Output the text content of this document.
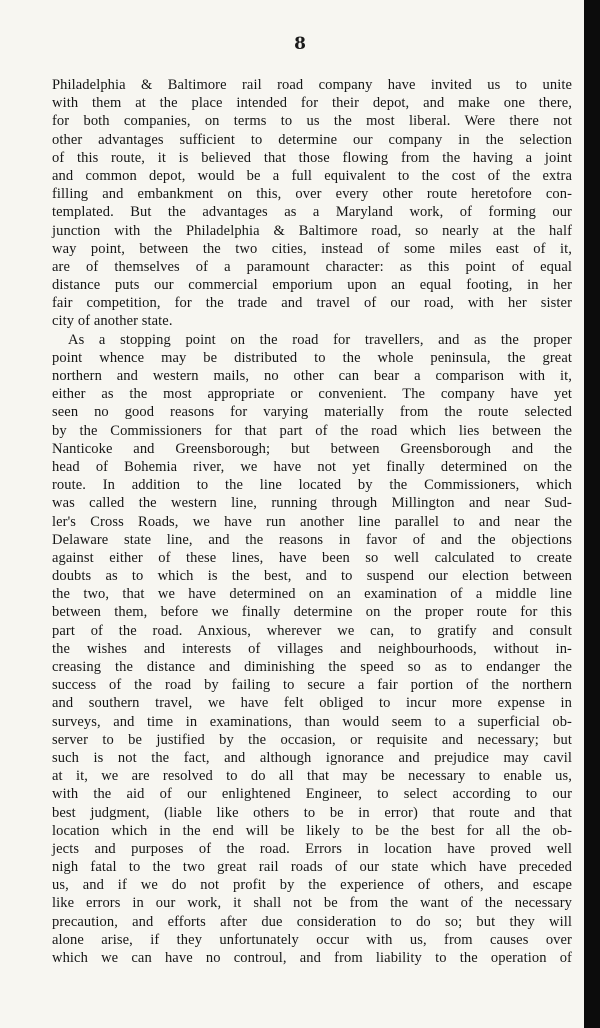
8

Philadelphia & Baltimore rail road company have invited us to unite
with them at the place intended for their depot, and make one there,
for both companies, on terms to us the most liberal. Were there not
other advantages sufficient to determine our company in the selection
of this route, it is believed that those flowing from the having a joint
and common depot, would be a full equivalent to the cost of the extra
filling and embankment on this, over every other route heretofore con-
templated. But the advantages as a Maryland work, of forming our
junction with the Philadelphia & Baltimore road, so nearly at the half
way point, between the two cities, instead of some miles east of it,
are of themselves of a paramount character: as this point of equal
distance puts our commercial emporium upon an equal footing, in her
fair competition, for the trade and travel of our road, with her sister
city of another state.

As a stopping point on the road for travellers, and as the proper
point whence may be distributed to the whole peninsula, the great
northern and western mails, no other can bear a comparison with it,
either as the most appropriate or convenient. The company have yet
seen no good reasons for varying materially from the route selected
by the Commissioners for that part of the road which lies between the
Nanticoke and Greensborough; but between Greensborough and the
head of Bohemia river, we have not yet finally determined on the
route. In addition to the line located by the Commissioners, which
was called the western line, running through Millington and near Sud-
ler's Cross Roads, we have run another line parallel to and near the
Delaware state line, and the reasons in favor of and the objections
against either of these lines, have been so well calculated to create
doubts as to which is the best, and to suspend our election between
the two, that we have determined on an examination of a middle line
between them, before we finally determine on the proper route for this
part of the road. Anxious, wherever we can, to gratify and consult
the wishes and interests of villages and neighbourhoods, without in-
creasing the distance and diminishing the speed so as to endanger the
success of the road by failing to secure a fair portion of the northern
and southern travel, we have felt obliged to incur more expense in
surveys, and time in examinations, than would seem to a superficial ob-
server to be justified by the occasion, or requisite and necessary; but
such is not the fact, and although ignorance and prejudice may cavil
at it, we are resolved to do all that may be necessary to enable us,
with the aid of our enlightened Engineer, to select according to our
best judgment, (liable like others to be in error) that route and that
location which in the end will be likely to be the best for all the ob-
jects and purposes of the road. Errors in location have proved well
nigh fatal to the two great rail roads of our state which have preceded
us, and if we do not profit by the experience of others, and escape
like errors in our work, it shall not be from the want of the necessary
precaution, and efforts after due consideration to do so; but they will
alone arise, if they unfortunately occur with us, from causes over
which we can have no controul, and from liability to the operation of
